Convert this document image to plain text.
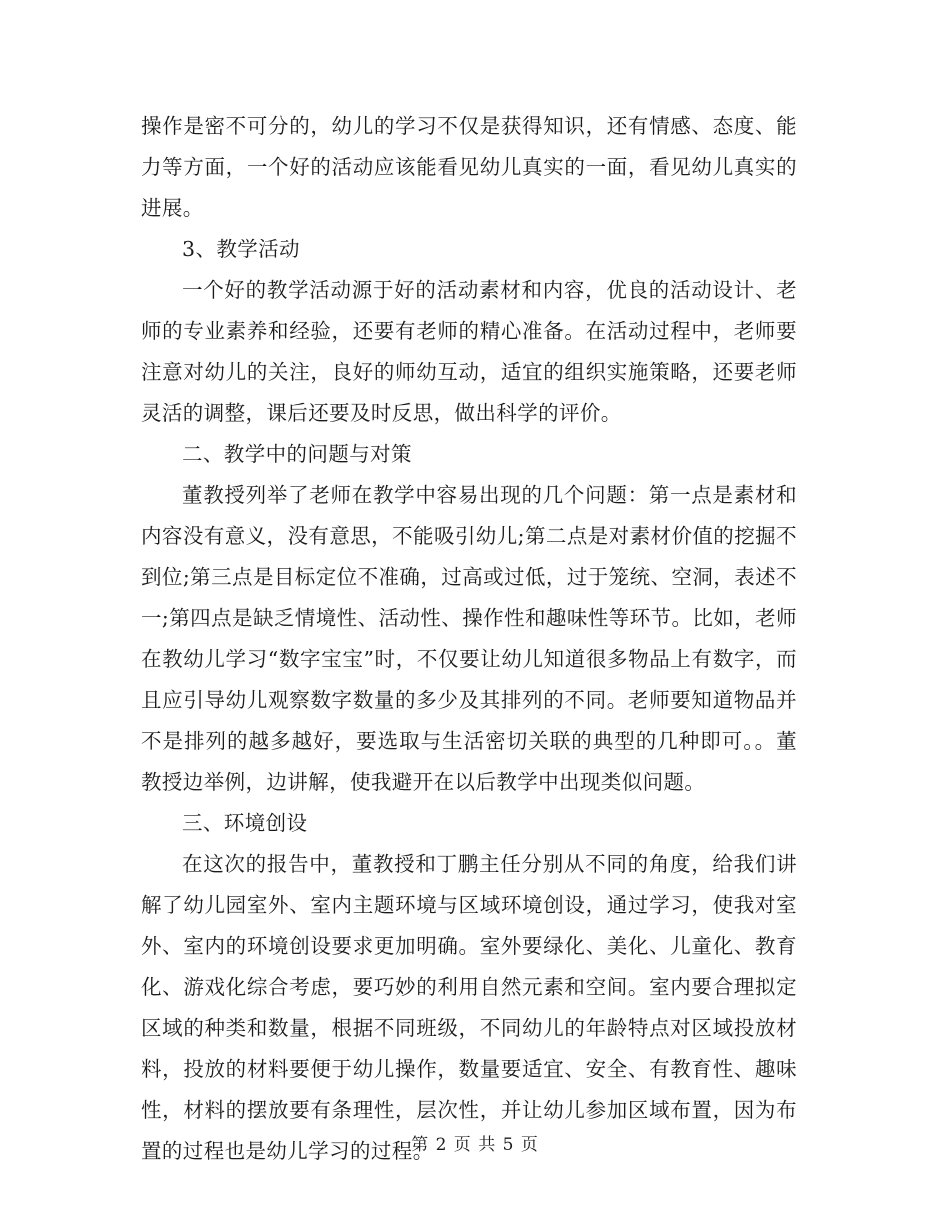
操作是密不可分的，幼儿的学习不仅是获得知识，还有情感、态度、能力等方面，一个好的活动应该能看见幼儿真实的一面，看见幼儿真实的进展。

3、教学活动

一个好的教学活动源于好的活动素材和内容，优良的活动设计、老师的专业素养和经验，还要有老师的精心准备。在活动过程中，老师要注意对幼儿的关注，良好的师幼互动，适宜的组织实施策略，还要老师灵活的调整，课后还要及时反思，做出科学的评价。

二、教学中的问题与对策

董教授列举了老师在教学中容易出现的几个问题：第一点是素材和内容没有意义，没有意思，不能吸引幼儿;第二点是对素材价值的挖掘不到位;第三点是目标定位不准确，过高或过低，过于笼统、空洞，表述不一;第四点是缺乏情境性、活动性、操作性和趣味性等环节。比如，老师在教幼儿学习“数字宝宝”时，不仅要让幼儿知道很多物品上有数字，而且应引导幼儿观察数字数量的多少及其排列的不同。老师要知道物品并不是排列的越多越好，要选取与生活密切关联的典型的几种即可。。董教授边举例，边讲解，使我避开在以后教学中出现类似问题。

三、环境创设

在这次的报告中，董教授和丁鹏主任分别从不同的角度，给我们讲解了幼儿园室外、室内主题环境与区域环境创设，通过学习，使我对室外、室内的环境创设要求更加明确。室外要绿化、美化、儿童化、教育化、游戏化综合考虑，要巧妙的利用自然元素和空间。室内要合理拟定区域的种类和数量，根据不同班级，不同幼儿的年龄特点对区域投放材料，投放的材料要便于幼儿操作，数量要适宜、安全、有教育性、趣味性，材料的摆放要有条理性，层次性，并让幼儿参加区域布置，因为布置的过程也是幼儿学习的过程。

第 2 页 共 5 页
